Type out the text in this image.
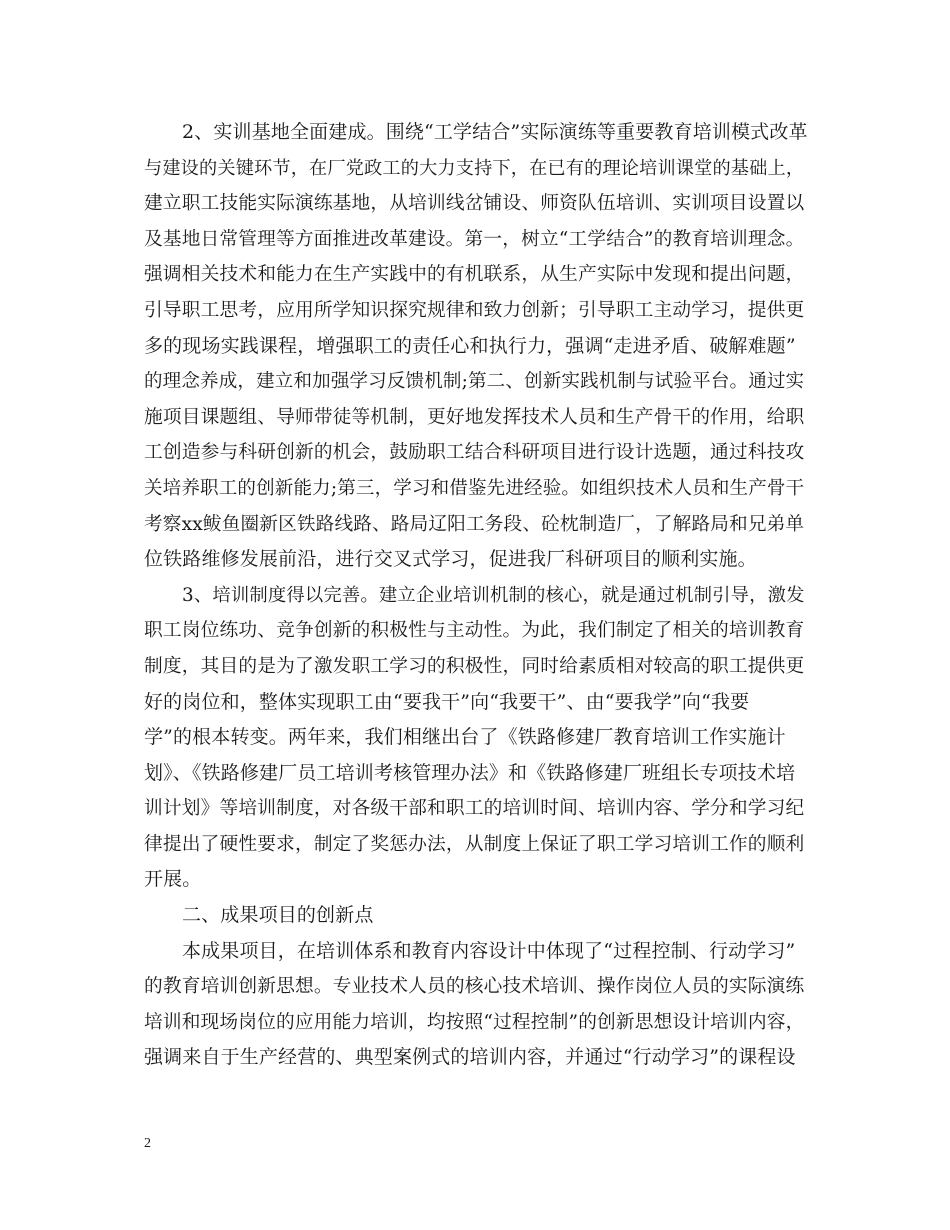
2、实训基地全面建成。围绕“工学结合”实际演练等重要教育培训模式改革
与建设的关键环节，在厂党政工的大力支持下，在已有的理论培训课堂的基础上，
建立职工技能实际演练基地，从培训线岔铺设、师资队伍培训、实训项目设置以
及基地日常管理等方面推进改革建设。第一，树立“工学结合”的教育培训理念。
强调相关技术和能力在生产实践中的有机联系，从生产实际中发现和提出问题，
引导职工思考，应用所学知识探究规律和致力创新；引导职工主动学习，提供更
多的现场实践课程，增强职工的责任心和执行力，强调“走进矛盾、破解难题”
的理念养成，建立和加强学习反馈机制;第二、创新实践机制与试验平台。通过实
施项目课题组、导师带徒等机制，更好地发挥技术人员和生产骨干的作用，给职
工创造参与科研创新的机会，鼓励职工结合科研项目进行设计选题，通过科技攻
关培养职工的创新能力;第三，学习和借鉴先进经验。如组织技术人员和生产骨干
考察xx鲅鱼圈新区铁路线路、路局辽阳工务段、砼枕制造厂，了解路局和兄弟单
位铁路维修发展前沿，进行交叉式学习，促进我厂科研项目的顺利实施。
3、培训制度得以完善。建立企业培训机制的核心，就是通过机制引导，激发
职工岗位练功、竞争创新的积极性与主动性。为此，我们制定了相关的培训教育
制度，其目的是为了激发职工学习的积极性，同时给素质相对较高的职工提供更
好的岗位和，整体实现职工由“要我干”向“我要干”、由“要我学”向“我要
学”的根本转变。两年来，我们相继出台了《铁路修建厂教育培训工作实施计
划》、《铁路修建厂员工培训考核管理办法》和《铁路修建厂班组长专项技术培
训计划》等培训制度，对各级干部和职工的培训时间、培训内容、学分和学习纪
律提出了硬性要求，制定了奖惩办法，从制度上保证了职工学习培训工作的顺利
开展。
二、成果项目的创新点
本成果项目，在培训体系和教育内容设计中体现了“过程控制、行动学习”
的教育培训创新思想。专业技术人员的核心技术培训、操作岗位人员的实际演练
培训和现场岗位的应用能力培训，均按照“过程控制”的创新思想设计培训内容，
强调来自于生产经营的、典型案例式的培训内容，并通过“行动学习”的课程设
2
